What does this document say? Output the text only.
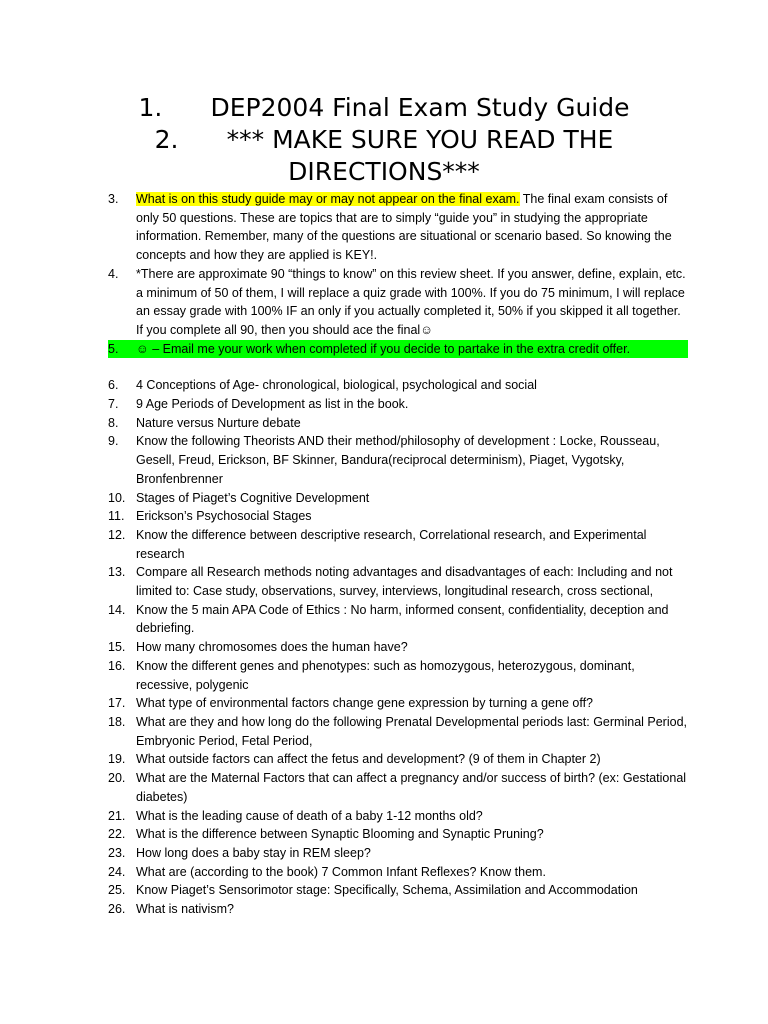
1. DEP2004 Final Exam Study Guide
2. *** MAKE SURE YOU READ THE
DIRECTIONS***
3.	What is on this study guide may or may not appear on the final exam. The final exam consists of only 50 questions. These are topics that are to simply “guide you” in studying the appropriate information. Remember, many of the questions are situational or scenario based. So knowing the concepts and how they are applied is KEY!.
4.	*There are approximate 90 “things to know” on this review sheet. If you answer, define, explain, etc. a minimum of 50 of them, I will replace a quiz grade with 100%. If you do 75 minimum, I will replace an essay grade with 100% IF an only if you actually completed it, 50% if you skipped it all together. If you complete all 90, then you should ace the final☺
5.	☺ – Email me your work when completed if you decide to partake in the extra credit offer.
6.	4 Conceptions of Age- chronological, biological, psychological and social
7.	9 Age Periods of Development as list in the book.
8.	Nature versus Nurture debate
9.	Know the following Theorists AND their method/philosophy of development : Locke, Rousseau, Gesell, Freud, Erickson, BF Skinner, Bandura(reciprocal determinism), Piaget, Vygotsky, Bronfenbrenner
10. Stages of Piaget’s Cognitive Development
11. Erickson’s Psychosocial Stages
12. Know the difference between descriptive research, Correlational research, and Experimental research
13. Compare all Research methods noting advantages and disadvantages of each: Including and not limited to: Case study, observations, survey, interviews, longitudinal research, cross sectional,
14. Know the 5 main APA Code of Ethics : No harm, informed consent, confidentiality, deception and debriefing.
15. How many chromosomes does the human have?
16. Know the different genes and phenotypes: such as homozygous, heterozygous, dominant, recessive, polygenic
17. What type of environmental factors change gene expression by turning a gene off?
18. What are they and how long do the following Prenatal Developmental periods last: Germinal Period, Embryonic Period, Fetal Period,
19. What outside factors can affect the fetus and development? (9 of them in Chapter 2)
20. What are the Maternal Factors that can affect a pregnancy and/or success of birth? (ex: Gestational diabetes)
21. What is the leading cause of death of a baby 1-12 months old?
22. What is the difference between Synaptic Blooming and Synaptic Pruning?
23. How long does a baby stay in REM sleep?
24. What are (according to the book) 7 Common Infant Reflexes? Know them.
25. Know Piaget’s Sensorimotor stage: Specifically, Schema, Assimilation and Accommodation
26. What is nativism?
